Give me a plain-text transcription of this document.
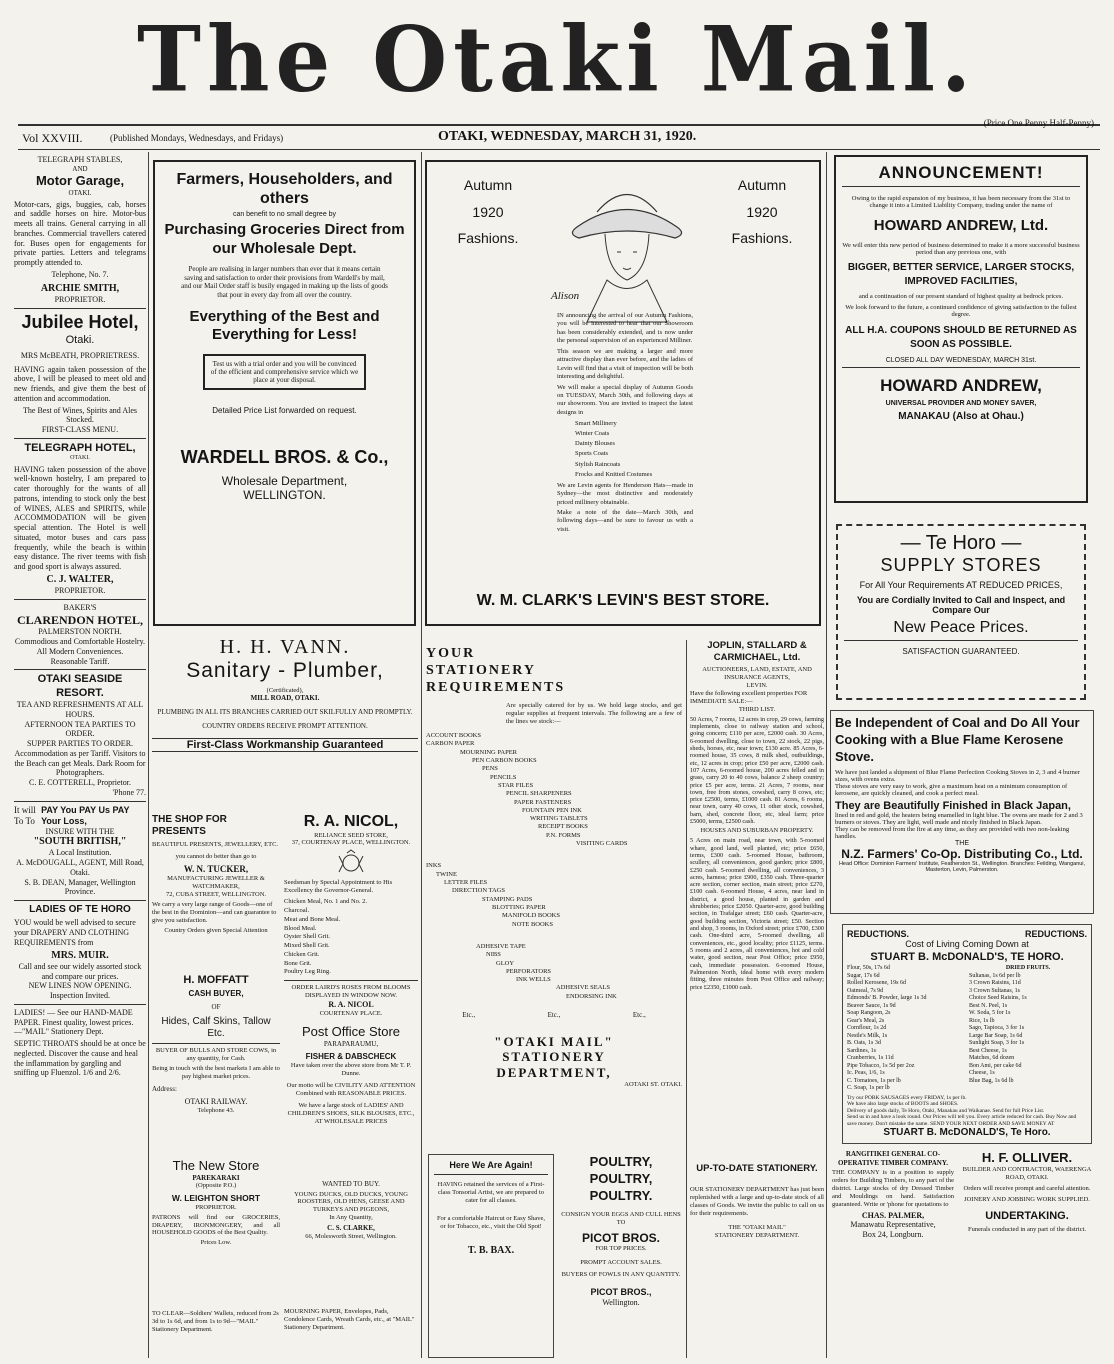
The Otaki Mail.
Vol XXVIII.	(Published Mondays, Wednesdays, and Fridays)	OTAKI, WEDNESDAY, MARCH 31, 1920.
(Price One Penny Half-Penny)
TELEGRAPH STABLES,
AND
Motor Garage,
OTAKI.

Motor-cars, gigs, buggies, cab, horses and saddle horses on hire. Motor-bus meets all trains. General carrying in all branches. Commercial travellers catered for. Buses open for engagements for private parties. Letters and telegrams promptly attended to.

Telephone, No. 7.
ARCHIE SMITH,
PROPRIETOR.
Jubilee Hotel,
Otaki.
MRS McBEATH, PROPRIETRESS.

HAVING again taken possession of the above, I will be pleased to meet old and new friends, and give them the best of attention and accommodation.

The Best of Wines, Spirits and Ales Stocked.
FIRST-CLASS MENU.
TELEGRAPH HOTEL,
OTAKI.

HAVING taken possession of the above well-known hostelry, I am prepared to cater thoroughly for the wants of all patrons, intending to stock only the best of WINES, ALES and SPIRITS, while ACCOMMODATION will be given special attention. The Hotel is well situated, motor buses and cars pass frequently, while the beach is within easy distance. The river teems with fish and good sport is always assured.

C. J. WALTER,
PROPRIETOR.
BAKER'S
CLARENDON HOTEL,
PALMERSTON NORTH.
Commodious and Comfortable Hostelry.
All Modern Conveniences.
Reasonable Tariff.
OTAKI SEASIDE RESORT.
TEA AND REFRESHMENTS AT ALL HOURS.
AFTERNOON TEA PARTIES TO ORDER.
SUPPER PARTIES TO ORDER. Accommodation as per Tariff. Visitors to the Beach can get Meals. Dark Room for Photographers.
C. E. COTTERELL, Proprietor.
'Phone 77.
It will To To
PAY You PAY Us PAY Your Loss,
INSURE WITH THE
"SOUTH BRITISH,"
A Local Institution.
A. McDOUGALL, AGENT, Mill Road, Otaki.
S. B. DEAN, Manager, Wellington Province.
LADIES OF TE HORO

YOU would be well advised to secure your DRAPERY AND CLOTHING REQUIREMENTS from

MRS. MUIR.
Call and see our widely assorted stock and compare our prices.
NEW LINES NOW OPENING.
Inspection Invited.

LADIES! — See our HAND-MADE PAPER. Finest quality, lowest prices.—"MAIL" Stationery Dept.

SEPTIC THROATS should be at once be neglected. Discover the cause and heal the inflammation by gargling and sniffing up Fluenzol. 1/6 and 2/6.

Farmers, Householders, and others
can benefit to no small degree by
Purchasing Groceries Direct from our Wholesale Dept.
People are realising in larger numbers than ever that it means certain saving and satisfaction to order their provisions from Wardell's by mail, and our Mail Order staff is busily engaged in making up the lists of goods that pour in every day from all over the country.
Everything of the Best and Everything for Less!
Test us with a trial order and you will be convinced of the efficient and comprehensive service which we place at your disposal.
Detailed Price List forwarded on request.
WARDELL BROS. & Co.,
Wholesale Department,
WELLINGTON.
Autumn
1920
Fashions.
Autumn
1920
Fashions.
Alison

IN announcing the arrival of our Autumn Fashions, you will be interested to hear that our Showroom has been considerably extended, and is now under the personal supervision of an experienced Milliner.

This season we are making a larger and more attractive display than ever before, and the ladies of Levin will find that a visit of inspection will be both interesting and delightful.

We will make a special display of Autumn Goods on TUESDAY, March 30th, and following days at our showroom. You are invited to inspect the latest designs in

Smart Millinery
Winter Coats
Dainty Blouses
Sports Coats
Stylish Raincoats
Frocks and Knitted Costumes

We are Levin agents for Henderson Hats—made in Sydney—the most distinctive and moderately priced millinery obtainable.

Make a note of the date—March 30th, and following days—and be sure to favour us with a visit.

W. M. CLARK'S LEVIN'S BEST STORE.
ANNOUNCEMENT!
Owing to the rapid expansion of my business, it has been necessary from the 31st to change it into a Limited Liability Company, trading under the name of
HOWARD ANDREW, Ltd.
We will enter this new period of business determined to make it a more successful business period than any previous one, with
BIGGER, BETTER SERVICE, LARGER STOCKS, IMPROVED FACILITIES,
and a continuation of our present standard of highest quality at bedrock prices.
We look forward to the future, a continued confidence of giving satisfaction to the fullest degree.
ALL H.A. COUPONS SHOULD BE RETURNED AS SOON AS POSSIBLE.
CLOSED ALL DAY WEDNESDAY, MARCH 31st.
HOWARD ANDREW,
UNIVERSAL PROVIDER AND MONEY SAVER,
MANAKAU (Also at Ohau.)
— Te Horo —
SUPPLY STORES
For All Your Requirements AT REDUCED PRICES,
You are Cordially Invited to Call and Inspect, and Compare Our
New Peace Prices.
SATISFACTION GUARANTEED.
Be Independent of Coal and Do All Your Cooking with a Blue Flame Kerosene Stove.
We have just landed a shipment of Blue Flame Perfection Cooking Stoves in 2, 3 and 4 burner sizes, with ovens extra.
These stoves are very easy to work, give a maximum heat on a minimum consumption of kerosene, are quickly cleaned, and cook a perfect meal.
They are Beautifully Finished in Black Japan,
lined in red and gold, the heaters being enamelled in light blue. The ovens are made for 2 and 3 burners or stoves. They are light, well made and nicely finished in Black Japan.
They can be removed from the fire at any time, as they are provided with two non-leaking handles.
THE
N.Z. Farmers' Co-Op. Distributing Co., Ltd.
Head Office: Dominion Farmers' Institute, Featherston St., Wellington. Branches: Feilding, Wanganui, Masterton, Levin, Palmerston.
REDUCTIONS.	REDUCTIONS.
Cost of Living Coming Down at
STUART B. McDONALD'S, TE HORO.
Flour, 50s, 17s 6d
Sugar, 17s 6d
Rolled Kerosene, 19s 6d
Oatmeal, 7s 9d
Edmonds' B. Powder, large 1s 3d
Beaver Sauce, 1s 9d
Soap Rangoon, 2s
Gear's Meal, 2s
Cornflour, 1s 2d
Nestle's Milk, 1s
B. Oats, 1s 3d
Sardines, 1s
Cranberries, 1s 11d
Pipe Tobacco, 1s 5d per 2oz
Ic. Peas, 1/6, 1s
C. Tomatoes, 1s per lb
C. Soap, 1s per lb
DRIED FRUITS.
Sultanas, 1s 6d per lb
3 Crown Raisins, 11d
3 Crown Sultanas, 1s
Choice Seed Raisins, 1s
Best N. Peel, 1s
W. Soda, 5 for 1s
Rice, 1s lb
Sago, Tapioca, 3 for 1s
Large Bar Soap, 1s 6d
Sunlight Soap, 3 for 1s
Best Cheese, 1s
Matches, 6d dozen
Bon Ami, per cake 6d
Cheese, 1s
Blue Bag, 1s 6d lb
Try our PORK SAUSAGES every FRIDAY, 1s per lb.
We have also large stocks of BOOTS and SHOES.
Delivery of goods daily, Te Horo, Otaki, Manakau and Waikanae. Send for full Price List.
Send us in and have a look round. Our Prices will tell you. Every article reduced for cash. Buy Now and save money. Don't mistake the name. SEND YOUR NEXT ORDER AND SAVE MONEY AT
STUART B. McDONALD'S, Te Horo.
RANGITIKEI GENERAL CO-OPERATIVE TIMBER COMPANY.

THE COMPANY is in a position to supply orders for Building Timbers, to any part of the district. Large stocks of dry Dressed Timber and Mouldings on hand. Satisfaction guaranteed. Write or 'phone for quotations to

CHAS. PALMER,
Manawatu Representative,
Box 24, Longburn.
H. F. OLLIVER.
BUILDER AND CONTRACTOR, WAERENGA ROAD, OTAKI.
Orders will receive prompt and careful attention.
JOINERY AND JOBBING WORK SUPPLIED.
UNDERTAKING.
Funerals conducted in any part of the district.
H. H. VANN.
Sanitary - Plumber,
(Certificated),
MILL ROAD, OTAKI.
PLUMBING IN ALL ITS BRANCHES CARRIED OUT SKILFULLY AND PROMPTLY.
COUNTRY ORDERS RECEIVE PROMPT ATTENTION.
First-Class Workmanship Guaranteed
THE SHOP FOR PRESENTS
BEAUTIFUL PRESENTS, JEWELLERY, ETC.
you cannot do better than go to
W. N. TUCKER,
MANUFACTURING JEWELLER & WATCHMAKER,
72, CUBA STREET, WELLINGTON.

We carry a very large range of Goods—one of the best in the Dominion—and can guarantee to give you satisfaction.

Country Orders given Special Attention
R. A. NICOL,
RELIANCE SEED STORE,
37, COURTENAY PLACE, WELLINGTON.
Seedsman by Special Appointment to His Excellency the Governor-General.
Chicken Meal, No. 1 and No. 2.
Charcoal.
Meat and Bone Meal.
Blood Meal.
Oyster Shell Grit.
Mixed Shell Grit.
Chicken Grit.
Bone Grit.
Poultry Leg Ring.
ORDER LAIRD'S ROSES FROM BLOOMS DISPLAYED IN WINDOW NOW.
R. A. NICOL
COURTENAY PLACE.
H. MOFFATT
CASH BUYER,
OF
Hides, Calf Skins, Tallow Etc.

BUYER OF BULLS AND STORE COWS, in any quantity, for Cash.

Being in touch with the best markets I am able to pay highest market prices.

Address:
OTAKI RAILWAY.
Telephone 43.
Post Office Store
PARAPARAUMU,
FISHER & DABSCHECK
Have taken over the above store from Mr T. P. Dunne.
Our motto will be CIVILITY AND ATTENTION Combined with REASONABLE PRICES.
We have a large stock of LADIES' AND CHILDREN'S SHOES, SILK BLOUSES, ETC., AT WHOLESALE PRICES
The New Store
PAREKARAKI
(Opposite P.O.)
W. LEIGHTON SHORT
PROPRIETOR.

PATRONS will find our GROCERIES, DRAPERY, IRONMONGERY, and all HOUSEHOLD GOODS of the Best Quality.

Prices Low.
WANTED TO BUY.
YOUNG DUCKS, OLD DUCKS, YOUNG ROOSTERS, OLD HENS, GEESE AND TURKEYS AND PIGEONS,
In Any Quantity,
C. S. CLARKE,
66, Molesworth Street, Wellington.

TO CLEAR—Soldiers' Wallets, reduced from 2s 3d to 1s 6d, and from 1s to 9d—"MAIL" Stationery Department.

MOURNING PAPER, Envelopes, Pads, Condolence Cards, Wreath Cards, etc., at "MAIL" Stationery Department.

YOUR
STATIONERY
REQUIREMENTS
Are specially catered for by us. We hold large stocks, and get regular supplies at frequent intervals. The following are a few of the lines we stock:—
ACCOUNT BOOKS
CARBON PAPER
MOURNING PAPER
PEN CARBON BOOKS
PENS
PENCILS
STAR FILES
PENCIL SHARPENERS
PAPER FASTENERS
FOUNTAIN PEN INK
WRITING TABLETS
RECEIPT BOOKS
P.N. FORMS
VISITING CARDS
INKS
TWINE
LETTER FILES
DIRECTION TAGS
STAMPING PADS
BLOTTING PAPER
MANIFOLD BOOKS
NOTE BOOKS
ADHESIVE TAPE
NIBS
GLOY
PERFORATORS
INK WELLS
ADHESIVE SEALS
ENDORSING INK
Etc.,	Etc.,	Etc.,
"OTAKI MAIL"
STATIONERY
DEPARTMENT,
AOTAKI ST. OTAKI.
Here We Are Again!

HAVING retained the services of a First-class Tonsorial Artist, we are prepared to cater for all classes.

For a comfortable Haircut or Easy Shave, or for Tobacco, etc., visit the Old Spot!

T. B. BAX.
POULTRY, POULTRY, POULTRY.
CONSIGN YOUR EGGS AND CULL HENS TO
PICOT BROS.
FOR TOP PRICES.
PROMPT ACCOUNT SALES.
BUYERS OF FOWLS IN ANY QUANTITY.
PICOT BROS.,
Wellington.
JOPLIN, STALLARD & CARMICHAEL, Ltd.
AUCTIONEERS, LAND, ESTATE, AND INSURANCE AGENTS,
LEVIN.
Have the following excellent properties FOR IMMEDIATE SALE:—
THIRD LIST.

50 Acres, 7 rooms, 12 acres in crop, 29 cows, farming implements, close to railway station and school, going concern; £110 per acre, £2000 cash. 30 Acres, 6-roomed dwelling, close to town, 22 stock, 22 pigs, sheds, horses, etc, near town; £130 acre. 85 Acres, 6-roomed house, 35 cows, 8 milk shed, outbuildings, etc, 12 acres in crop; price £50 per acre, £2000 cash. 107 Acres, 6-roomed house, 200 acres felled and in grass, carry 20 to 40 cows, balance 2 sheep country; price £5 per acre, terms. 21 Acres, 7 rooms, near town, free from stones, cowshed, carry 8 cows, etc; price £2500, terms, £1000 cash. 81 Acres, 6 rooms, near town, carry 40 cows, 11 other stock, cowshed, barn, shed, concrete floor, etc, ideal farm; price £5000, terms, £2500 cash.

HOUSES AND SUBURBAN PROPERTY.

5 Acres on main road, near town, with 5-roomed whare, good land, well planted, etc; price £650, terms, £300 cash. 5-roomed House, bathroom, scullery, all conveniences, good garden; price £800, £250 cash. 5-roomed dwelling, all conveniences, 3 acres, harness; price £900, £350 cash. Three-quarter acre section, corner section, main street; price £270, £100 cash. 6-roomed House, 4 acres, near land in district, a good house, planted in garden and shrubberies; price £2050. Quarter-acre, good building section, in Trafalgar street; £60 cash. Quarter-acre, good building section, Victoria street; £50. Section and shop, 3 rooms, in Oxford street; price £700, £300 cash. One-third acre, 5-roomed dwelling, all conveniences, etc., good locality; price £1125, terms. 5 rooms and 2 acres, all conveniences, hot and cold water, good section, near Post Office; price £950, cash, immediate possession. 6-roomed House, Palmerston North, ideal home with every modern fitting, three minutes from Post Office and railway; price £2350, £1000 cash.

UP-TO-DATE STATIONERY.

OUR STATIONERY DEPARTMENT has just been replenished with a large and up-to-date stock of all classes of Goods. We invite the public to call on us for their requirements.

THE "OTAKI MAIL"
STATIONERY DEPARTMENT.
